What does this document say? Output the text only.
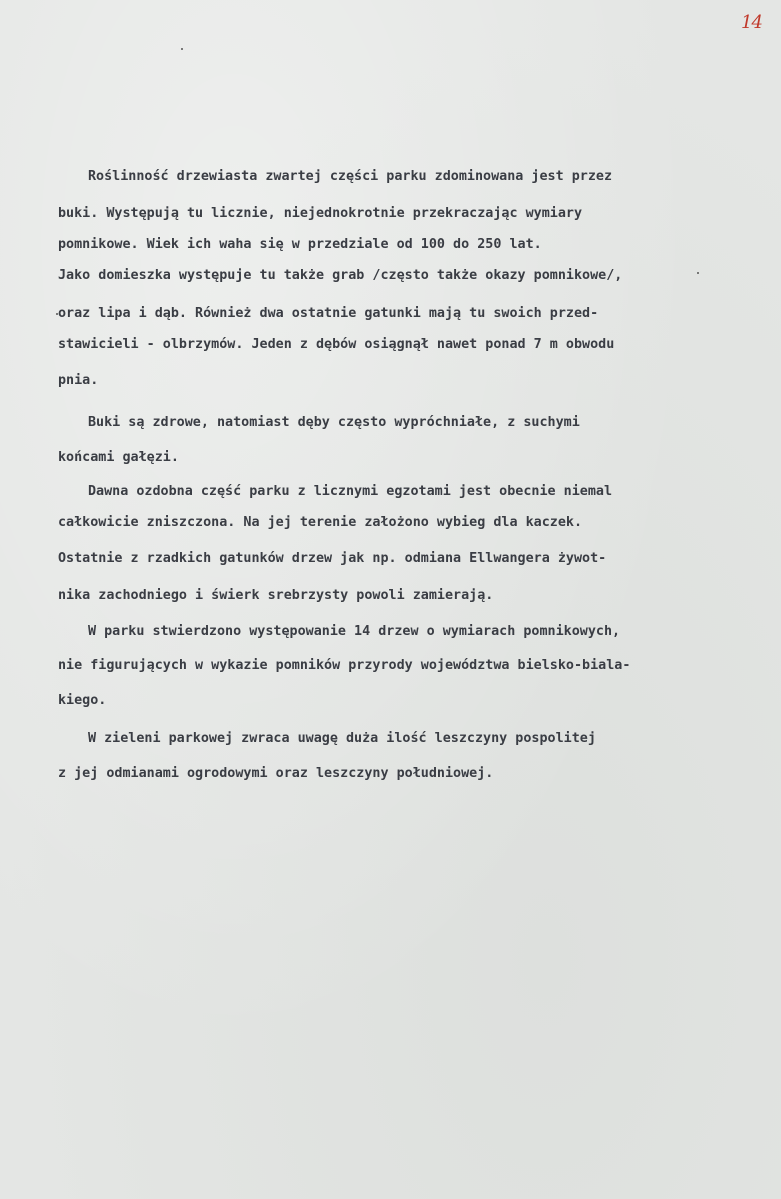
14
Roślinność drzewiasta zwartej części parku zdominowana jest przez
buki. Występują tu licznie, niejednokrotnie przekraczając wymiary
pomnikowe. Wiek ich waha się w przedziale od 100 do 250 lat.
Jako domieszka występuje tu także grab /często także okazy pomnikowe/,
oraz lipa i dąb. Również dwa ostatnie gatunki mają tu swoich przed-
stawicieli - olbrzymów. Jeden z dębów osiągnął nawet ponad 7 m obwodu
pnia.
Buki są zdrowe, natomiast dęby często wypróchniałe, z suchymi
końcami gałęzi.
Dawna ozdobna część parku z licznymi egzotami jest obecnie niemal
całkowicie zniszczona. Na jej terenie założono wybieg dla kaczek.
Ostatnie z rzadkich gatunków drzew jak np. odmiana Ellwangera żywot-
nika zachodniego i świerk srebrzysty powoli zamierają.
W parku stwierdzono występowanie 14 drzew o wymiarach pomnikowych,
nie figurujących w wykazie pomników przyrody województwa bielsko-biala-
kiego.
W zieleni parkowej zwraca uwagę duża ilość leszczyny pospolitej
z jej odmianami ogrodowymi oraz leszczyny południowej.
